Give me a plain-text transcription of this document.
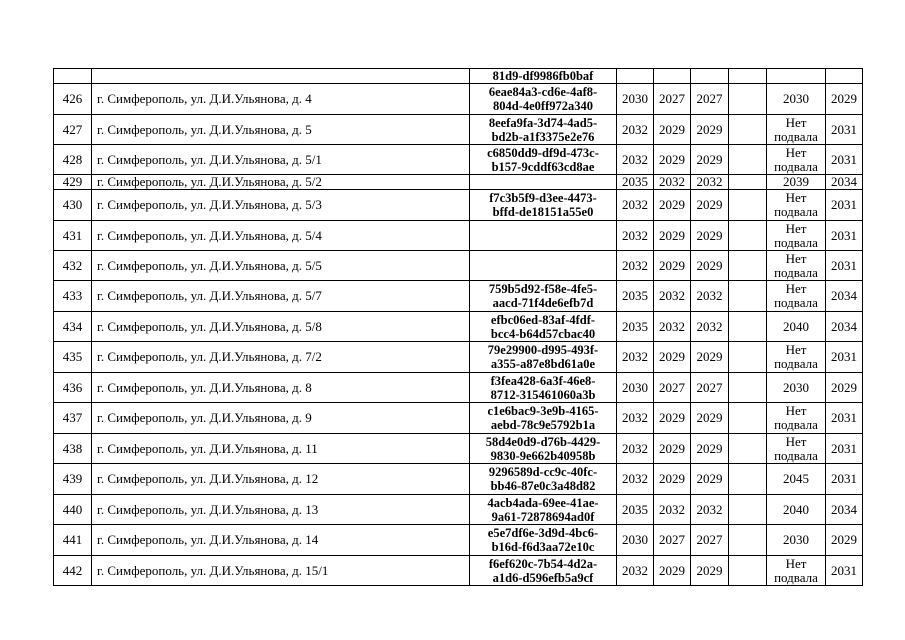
		81d9-df9986fb0baf						

426	г. Симферополь, ул. Д.И.Ульянова, д. 4	6eae84a3-cd6e-4af8-
804d-4e0ff972a340	2030	2027	2027		2030	2029
427	г. Симферополь, ул. Д.И.Ульянова, д. 5	8eefa9fa-3d74-4ad5-
bd2b-a1f3375e2e76	2032	2029	2029		Нет
подвала	2031
428	г. Симферополь, ул. Д.И.Ульянова, д. 5/1	c6850dd9-df9d-473c-
b157-9cddf63cd8ae	2032	2029	2029		Нет
подвала	2031
429	г. Симферополь, ул. Д.И.Ульянова, д. 5/2		2035	2032	2032		2039	2034
430	г. Симферополь, ул. Д.И.Ульянова, д. 5/3	f7c3b5f9-d3ee-4473-
bffd-de18151a55e0	2032	2029	2029		Нет
подвала	2031
431	г. Симферополь, ул. Д.И.Ульянова, д. 5/4		2032	2029	2029		Нет
подвала	2031
432	г. Симферополь, ул. Д.И.Ульянова, д. 5/5		2032	2029	2029		Нет
подвала	2031
433	г. Симферополь, ул. Д.И.Ульянова, д. 5/7	759b5d92-f58e-4fe5-
aacd-71f4de6efb7d	2035	2032	2032		Нет
подвала	2034
434	г. Симферополь, ул. Д.И.Ульянова, д. 5/8	efbc06ed-83af-4fdf-
bcc4-b64d57cbac40	2035	2032	2032		2040	2034
435	г. Симферополь, ул. Д.И.Ульянова, д. 7/2	79e29900-d995-493f-
a355-a87e8bd61a0e	2032	2029	2029		Нет
подвала	2031
436	г. Симферополь, ул. Д.И.Ульянова, д. 8	f3fea428-6a3f-46e8-
8712-315461060a3b	2030	2027	2027		2030	2029
437	г. Симферополь, ул. Д.И.Ульянова, д. 9	c1e6bac9-3e9b-4165-
aebd-78c9e5792b1a	2032	2029	2029		Нет
подвала	2031
438	г. Симферополь, ул. Д.И.Ульянова, д. 11	58d4e0d9-d76b-4429-
9830-9e662b40958b	2032	2029	2029		Нет
подвала	2031
439	г. Симферополь, ул. Д.И.Ульянова, д. 12	9296589d-cc9c-40fc-
bb46-87e0c3a48d82	2032	2029	2029		2045	2031
440	г. Симферополь, ул. Д.И.Ульянова, д. 13	4acb4ada-69ee-41ae-
9a61-72878694ad0f	2035	2032	2032		2040	2034
441	г. Симферополь, ул. Д.И.Ульянова, д. 14	e5e7df6e-3d9d-4bc6-
b16d-f6d3aa72e10c	2030	2027	2027		2030	2029
442	г. Симферополь, ул. Д.И.Ульянова, д. 15/1	f6ef620c-7b54-4d2a-
a1d6-d596efb5a9cf	2032	2029	2029		Нет
подвала	2031
